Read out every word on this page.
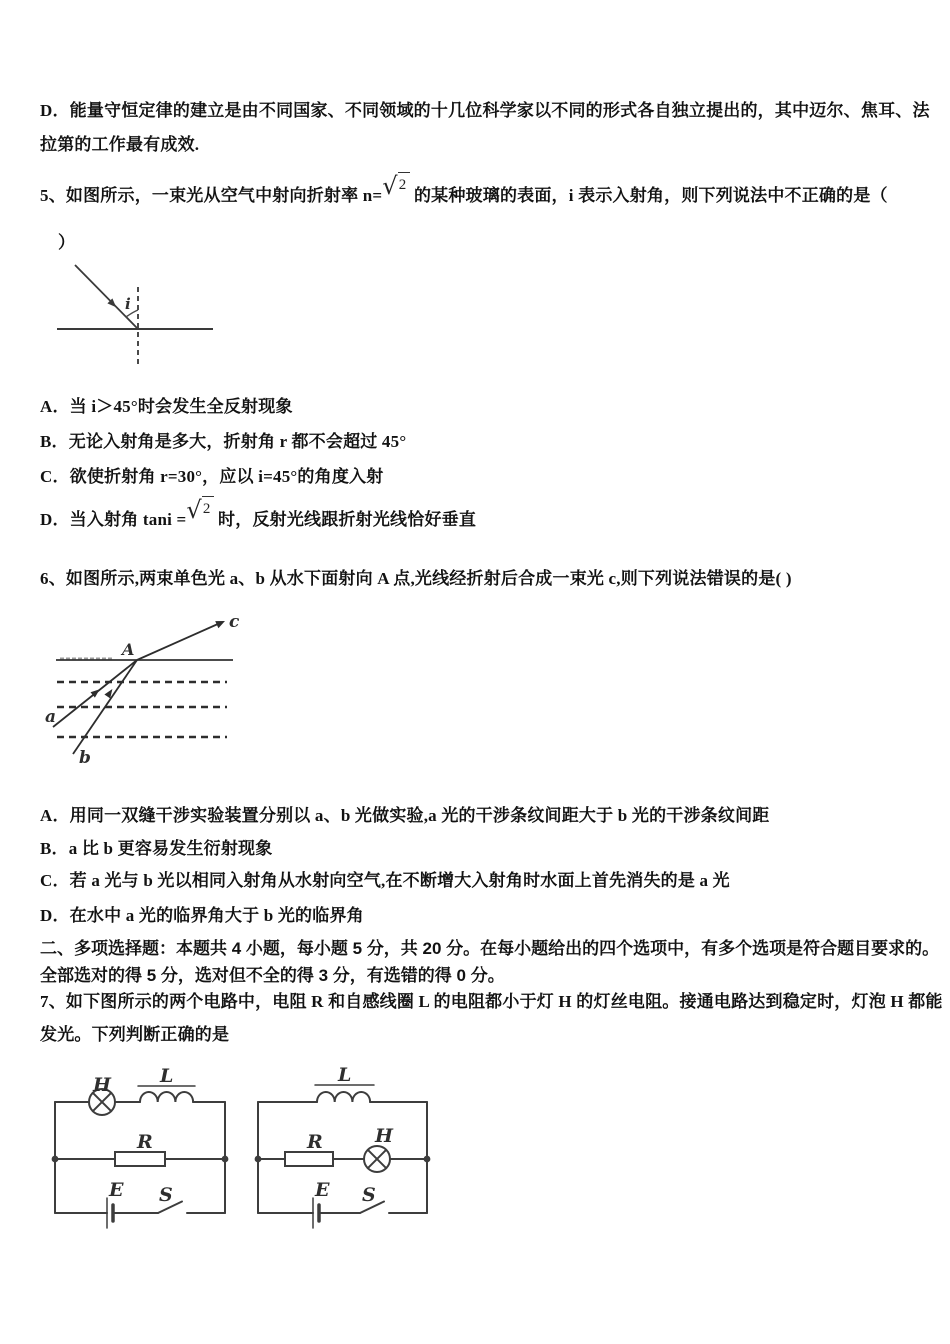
D．能量守恒定律的建立是由不同国家、不同领域的十几位科学家以不同的形式各自独立提出的，其中迈尔、焦耳、法
拉第的工作最有成效.
5、如图所示，一束光从空气中射向折射率 n=√2 的某种玻璃的表面，i 表示入射角，则下列说法中不正确的是（
）
i
A．当 i＞45°时会发生全反射现象
B．无论入射角是多大，折射角 r 都不会超过 45°
C．欲使折射角 r=30°，应以 i=45°的角度入射
D．当入射角 tani =√2 时，反射光线跟折射光线恰好垂直
6、如图所示,两束单色光 a、b 从水下面射向 A 点,光线经折射后合成一束光 c,则下列说法错误的是( )
A
c
a
b
A．用同一双缝干涉实验装置分别以 a、b 光做实验,a 光的干涉条纹间距大于 b 光的干涉条纹间距
B．a 比 b 更容易发生衍射现象
C．若 a 光与 b 光以相同入射角从水射向空气,在不断增大入射角时水面上首先消失的是 a 光
D．在水中 a 光的临界角大于 b 光的临界角
二、多项选择题：本题共 4 小题，每小题 5 分，共 20 分。在每小题给出的四个选项中，有多个选项是符合题目要求的。
全部选对的得 5 分，选对但不全的得 3 分，有选错的得 0 分。
7、如下图所示的两个电路中，电阻 R 和自感线圈 L 的电阻都小于灯 H 的灯丝电阻。接通电路达到稳定时，灯泡 H 都能
发光。下列判断正确的是
H	L
R
E S
L
R	H
E S
